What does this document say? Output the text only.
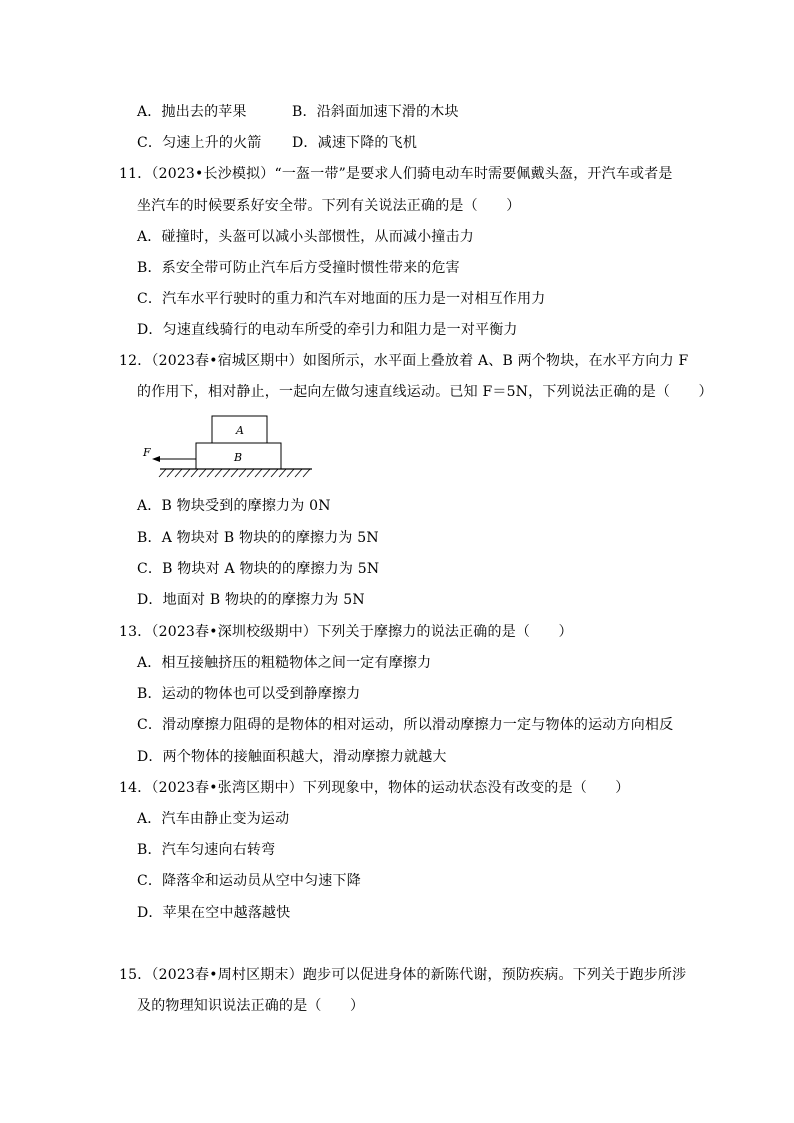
A．抛出去的苹果	B．沿斜面加速下滑的木块
C．匀速上升的火箭 D．减速下降的飞机
11．（2023•长沙模拟）“一盔一带”是要求人们骑电动车时需要佩戴头盔，开汽车或者是
坐汽车的时候要系好安全带。下列有关说法正确的是（　　）
A．碰撞时，头盔可以减小头部惯性，从而减小撞击力
B．系安全带可防止汽车后方受撞时惯性带来的危害
C．汽车水平行驶时的重力和汽车对地面的压力是一对相互作用力
D．匀速直线骑行的电动车所受的牵引力和阻力是一对平衡力
12．（2023春•宿城区期中）如图所示，水平面上叠放着 A、B 两个物块，在水平方向力 F
的作用下，相对静止，一起向左做匀速直线运动。已知 F＝5N，下列说法正确的是（　　）
A
B
F
A．B 物块受到的摩擦力为 0N
B．A 物块对 B 物块的的摩擦力为 5N
C．B 物块对 A 物块的的摩擦力为 5N
D．地面对 B 物块的的摩擦力为 5N
13．（2023春•深圳校级期中）下列关于摩擦力的说法正确的是（　　）
A．相互接触挤压的粗糙物体之间一定有摩擦力
B．运动的物体也可以受到静摩擦力
C．滑动摩擦力阻碍的是物体的相对运动，所以滑动摩擦力一定与物体的运动方向相反
D．两个物体的接触面积越大，滑动摩擦力就越大
14．（2023春•张湾区期中）下列现象中，物体的运动状态没有改变的是（　　）
A．汽车由静止变为运动
B．汽车匀速向右转弯
C．降落伞和运动员从空中匀速下降
D．苹果在空中越落越快
15．（2023春•周村区期末）跑步可以促进身体的新陈代谢，预防疾病。下列关于跑步所涉
及的物理知识说法正确的是（　　）
